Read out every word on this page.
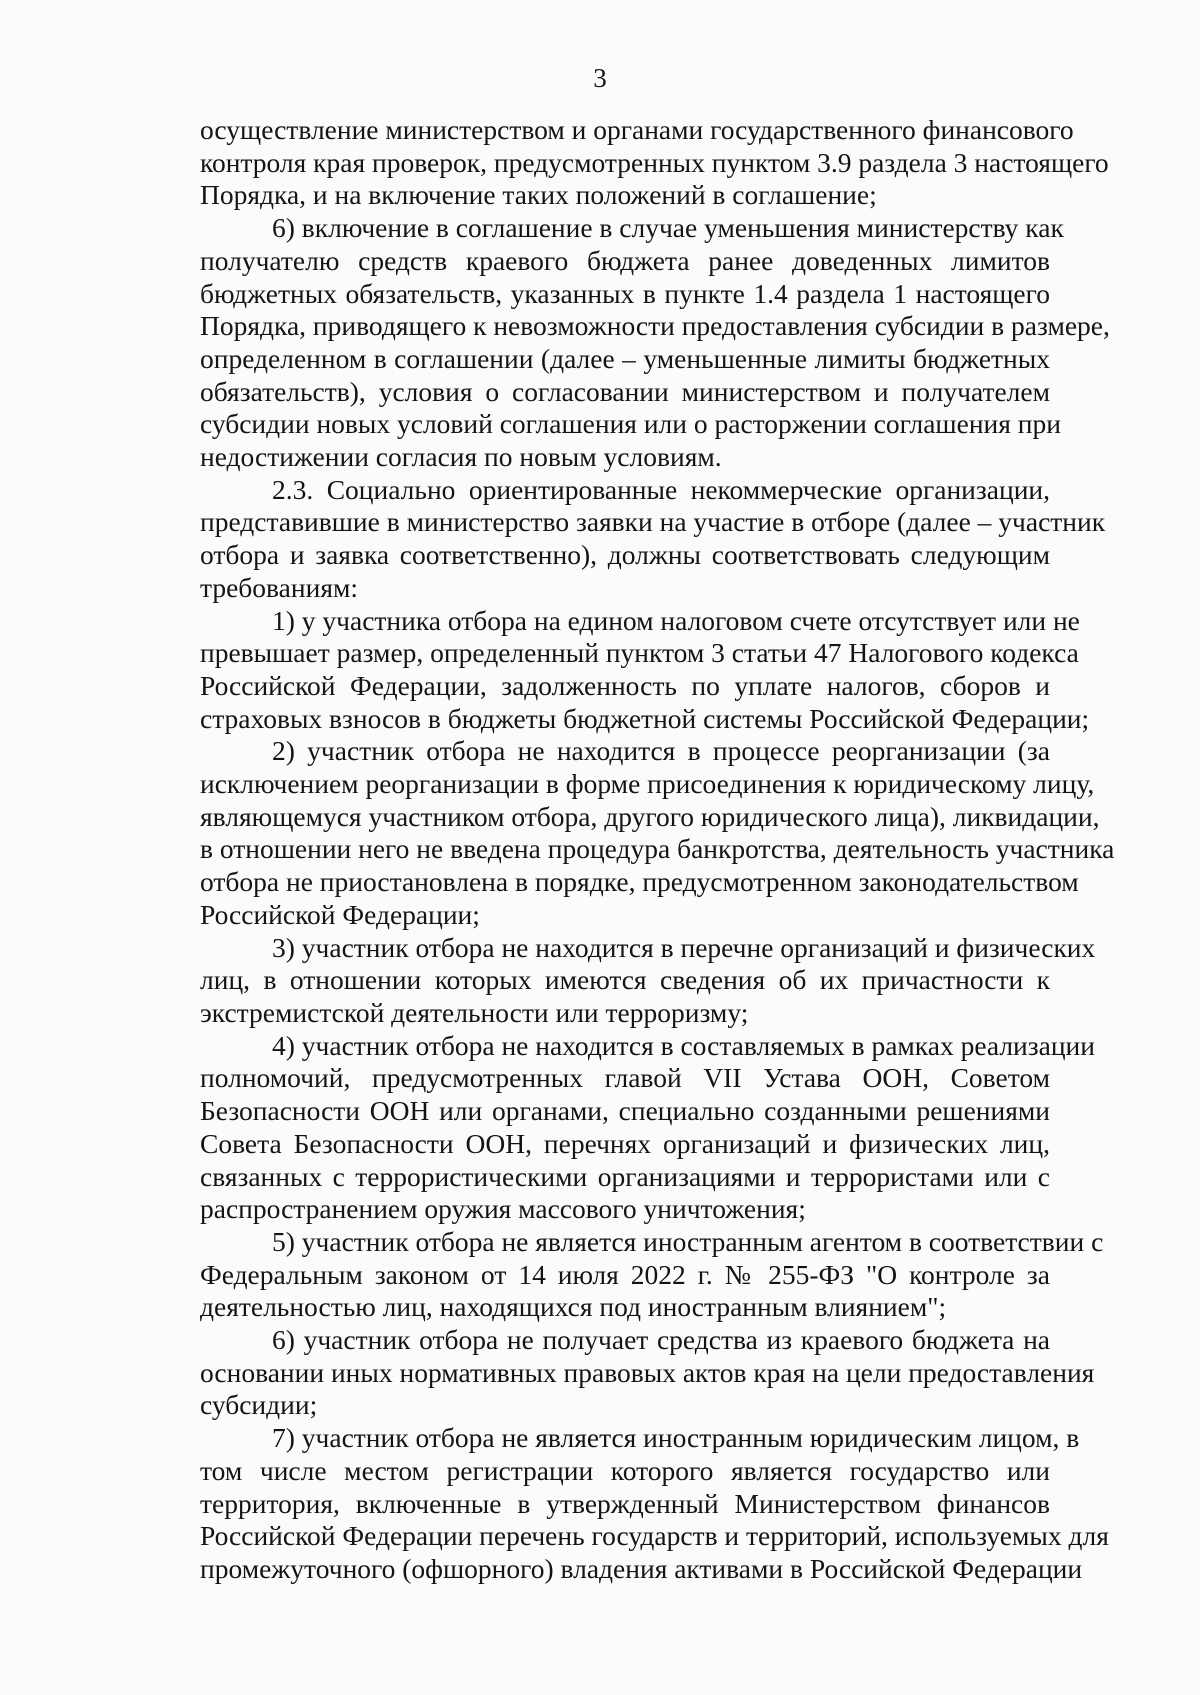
3
осуществление министерством и органами государственного финансового
контроля края проверок, предусмотренных пунктом 3.9 раздела 3 настоящего
Порядка, и на включение таких положений в соглашение;
6) включение в соглашение в случае уменьшения министерству как
получателю средств краевого бюджета ранее доведенных лимитов
бюджетных обязательств, указанных в пункте 1.4 раздела 1 настоящего
Порядка, приводящего к невозможности предоставления субсидии в размере,
определенном в соглашении (далее – уменьшенные лимиты бюджетных
обязательств), условия о согласовании министерством и получателем
субсидии новых условий соглашения или о расторжении соглашения при
недостижении согласия по новым условиям.
2.3. Социально ориентированные некоммерческие организации,
представившие в министерство заявки на участие в отборе (далее – участник
отбора и заявка соответственно), должны соответствовать следующим
требованиям:
1) у участника отбора на едином налоговом счете отсутствует или не
превышает размер, определенный пунктом 3 статьи 47 Налогового кодекса
Российской Федерации, задолженность по уплате налогов, сборов и
страховых взносов в бюджеты бюджетной системы Российской Федерации;
2) участник отбора не находится в процессе реорганизации (за
исключением реорганизации в форме присоединения к юридическому лицу,
являющемуся участником отбора, другого юридического лица), ликвидации,
в отношении него не введена процедура банкротства, деятельность участника
отбора не приостановлена в порядке, предусмотренном законодательством
Российской Федерации;
3) участник отбора не находится в перечне организаций и физических
лиц, в отношении которых имеются сведения об их причастности к
экстремистской деятельности или терроризму;
4) участник отбора не находится в составляемых в рамках реализации
полномочий, предусмотренных главой VII Устава ООН, Советом
Безопасности ООН или органами, специально созданными решениями
Совета Безопасности ООН, перечнях организаций и физических лиц,
связанных с террористическими организациями и террористами или с
распространением оружия массового уничтожения;
5) участник отбора не является иностранным агентом в соответствии с
Федеральным законом от 14 июля 2022 г. № 255-ФЗ "О контроле за
деятельностью лиц, находящихся под иностранным влиянием";
6) участник отбора не получает средства из краевого бюджета на
основании иных нормативных правовых актов края на цели предоставления
субсидии;
7) участник отбора не является иностранным юридическим лицом, в
том числе местом регистрации которого является государство или
территория, включенные в утвержденный Министерством финансов
Российской Федерации перечень государств и территорий, используемых для
промежуточного (офшорного) владения активами в Российской Федерации
